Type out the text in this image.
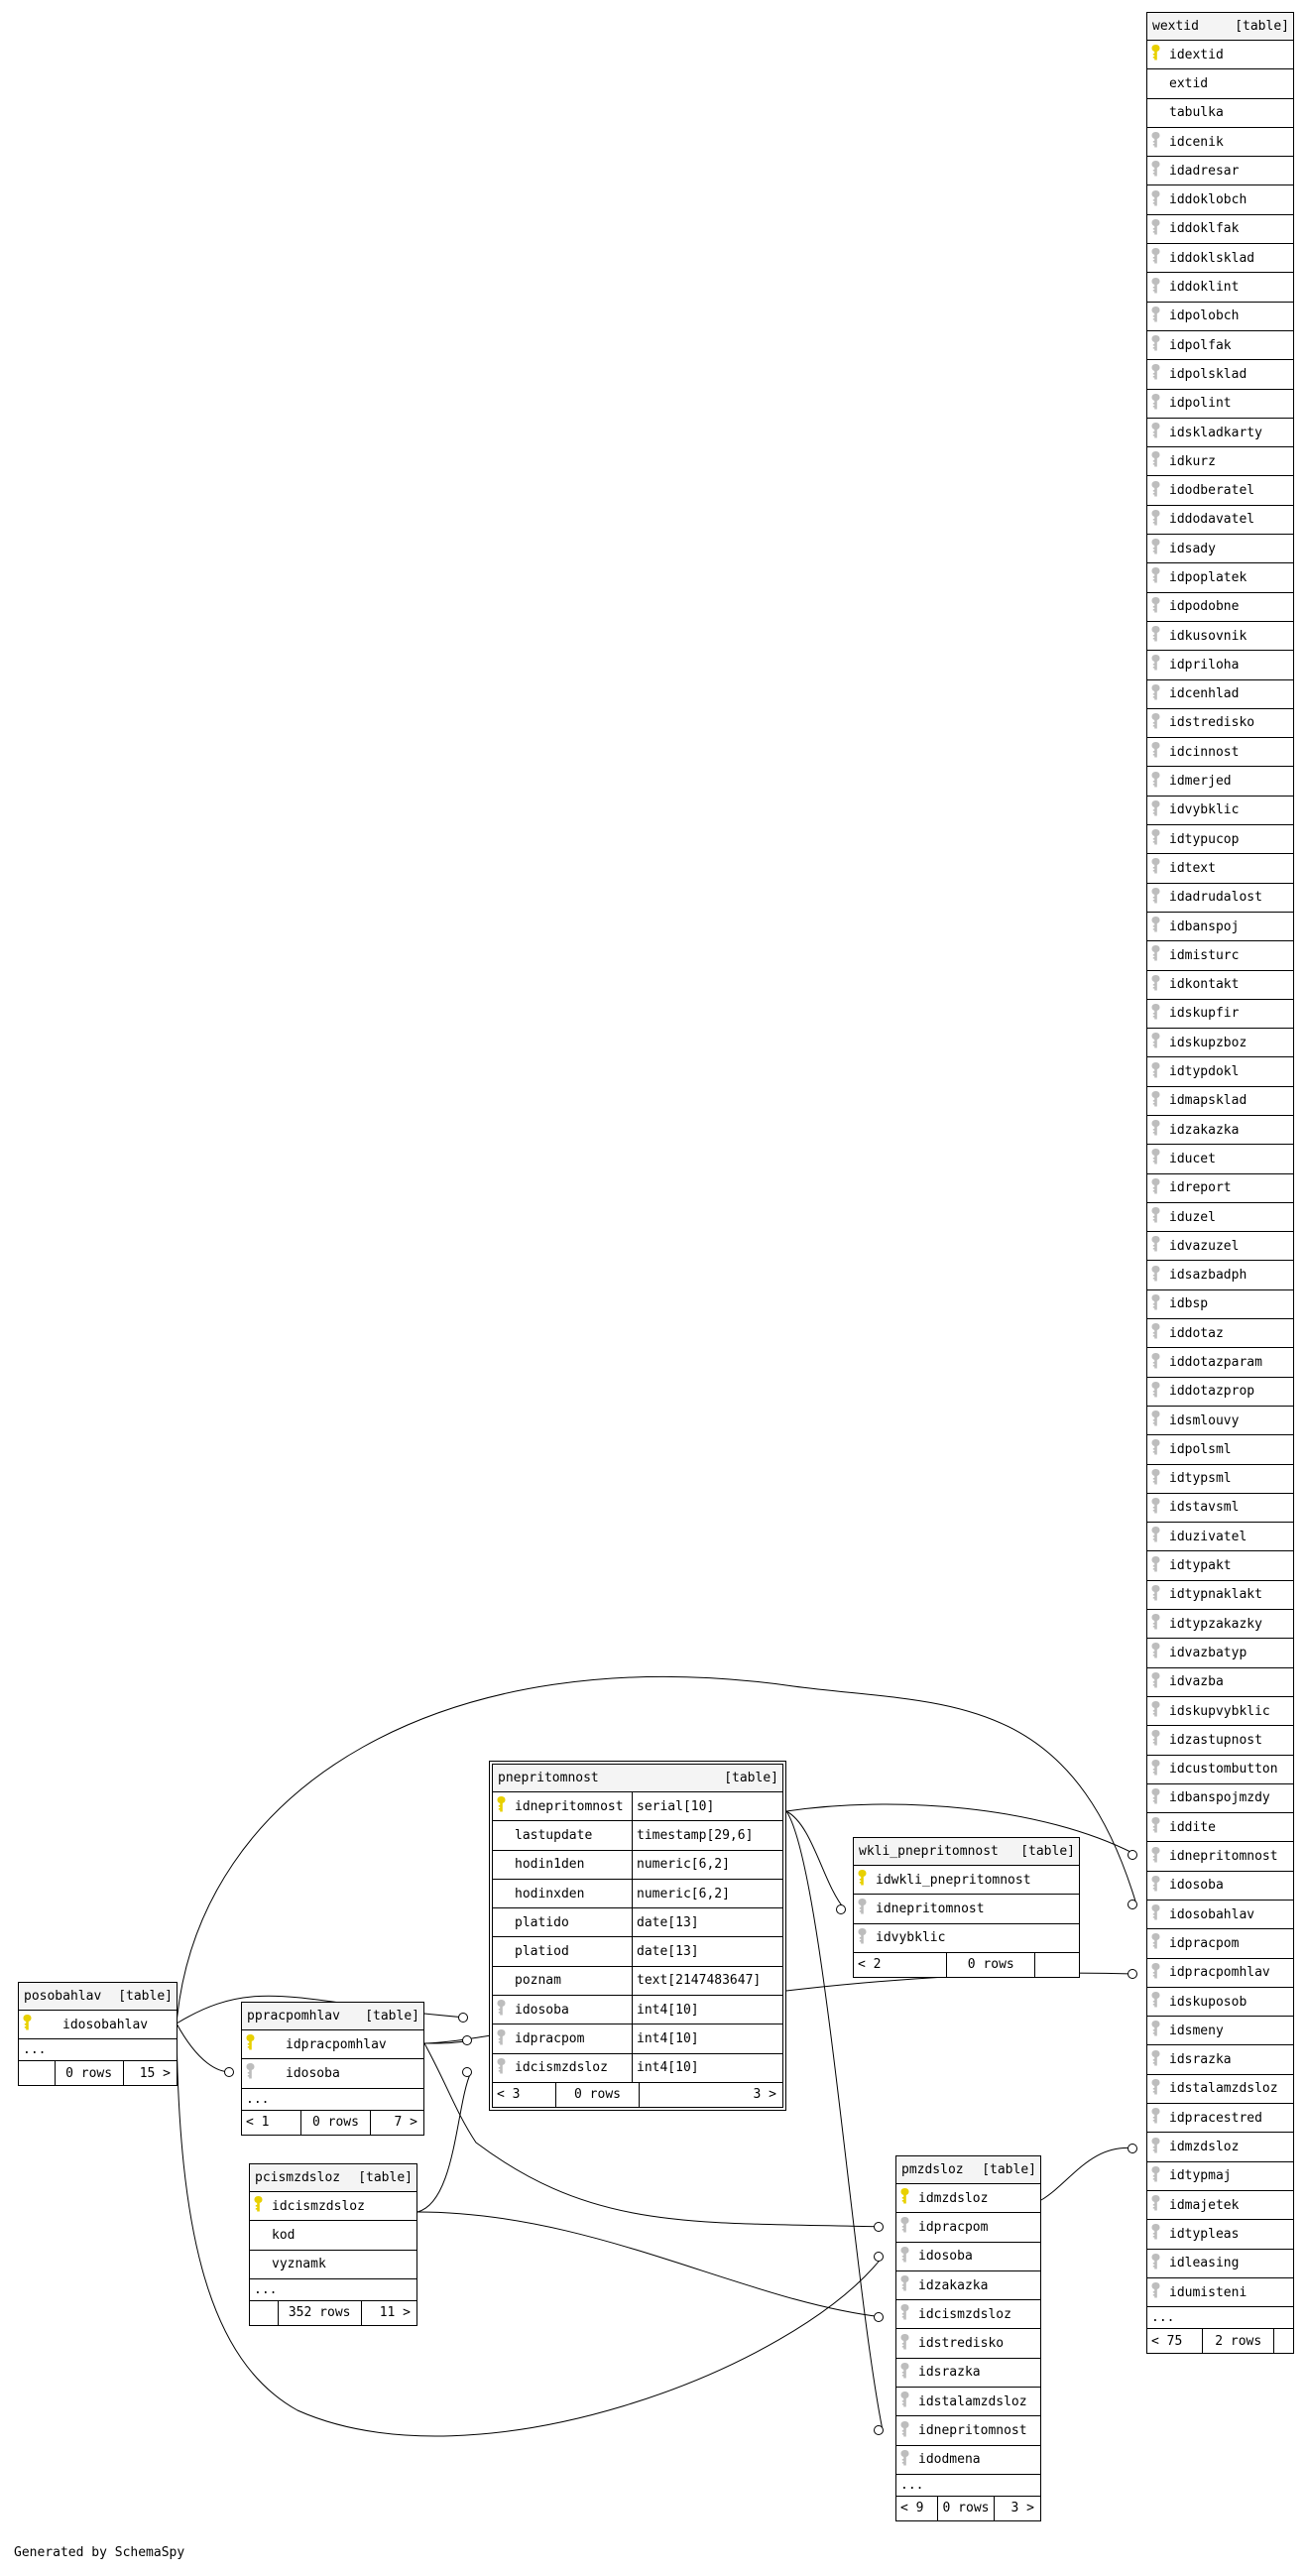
wextid	[table]
idextid
extid
tabulka
idcenik
idadresar
iddoklobch
iddoklfak
iddoklsklad
iddoklint
idpolobch
idpolfak
idpolsklad
idpolint
idskladkarty
idkurz
idodberatel
iddodavatel
idsady
idpoplatek
idpodobne
idkusovnik
idpriloha
idcenhlad
idstredisko
idcinnost
idmerjed
idvybklic
idtypucop
idtext
idadrudalost
idbanspoj
idmisturc
idkontakt
idskupfir
idskupzboz
idtypdokl
idmapsklad
idzakazka
iducet
idreport
iduzel
idvazuzel
idsazbadph
idbsp
iddotaz
iddotazparam
iddotazprop
idsmlouvy
idpolsml
idtypsml
idstavsml
iduzivatel
idtypakt
idtypnaklakt
idtypzakazky
idvazbatyp
idvazba
idskupvybklic
idzastupnost
idcustombutton
idbanspojmzdy
iddite
idnepritomnost
idosoba
idosobahlav
idpracpom
idpracpomhlav
idskuposob
idsmeny
idsrazka
idstalamzdsloz
idpracestred
idmzdsloz
idtypmaj
idmajetek
idtypleas
idleasing
idumisteni
...
< 75	2 rows
pnepritomnost	[table]
idnepritomnost	serial[10]
lastupdate	timestamp[29,6]
hodin1den	numeric[6,2]
hodinxden	numeric[6,2]
platido	date[13]
platiod	date[13]
poznam	text[2147483647]
idosoba	int4[10]
idpracpom	int4[10]
idcismzdsloz	int4[10]
< 3	0 rows	3 >
wkli_pnepritomnost [table]
idwkli_pnepritomnost
idnepritomnost
idvybklic
< 2	0 rows
posobahlav [table]
idosobahlav
...
0 rows	15 >
ppracpomhlav [table]
idpracpomhlav
idosoba
...
< 1	0 rows	7 >
pcismzdsloz [table]
idcismzdsloz
kod
vyznamk
...
352 rows	11 >
pmzdsloz [table]
idmzdsloz
idpracpom
idosoba
idzakazka
idcismzdsloz
idstredisko
idsrazka
idstalamzdsloz
idnepritomnost
idodmena
...
< 9	0 rows	3 >
Generated by SchemaSpy
